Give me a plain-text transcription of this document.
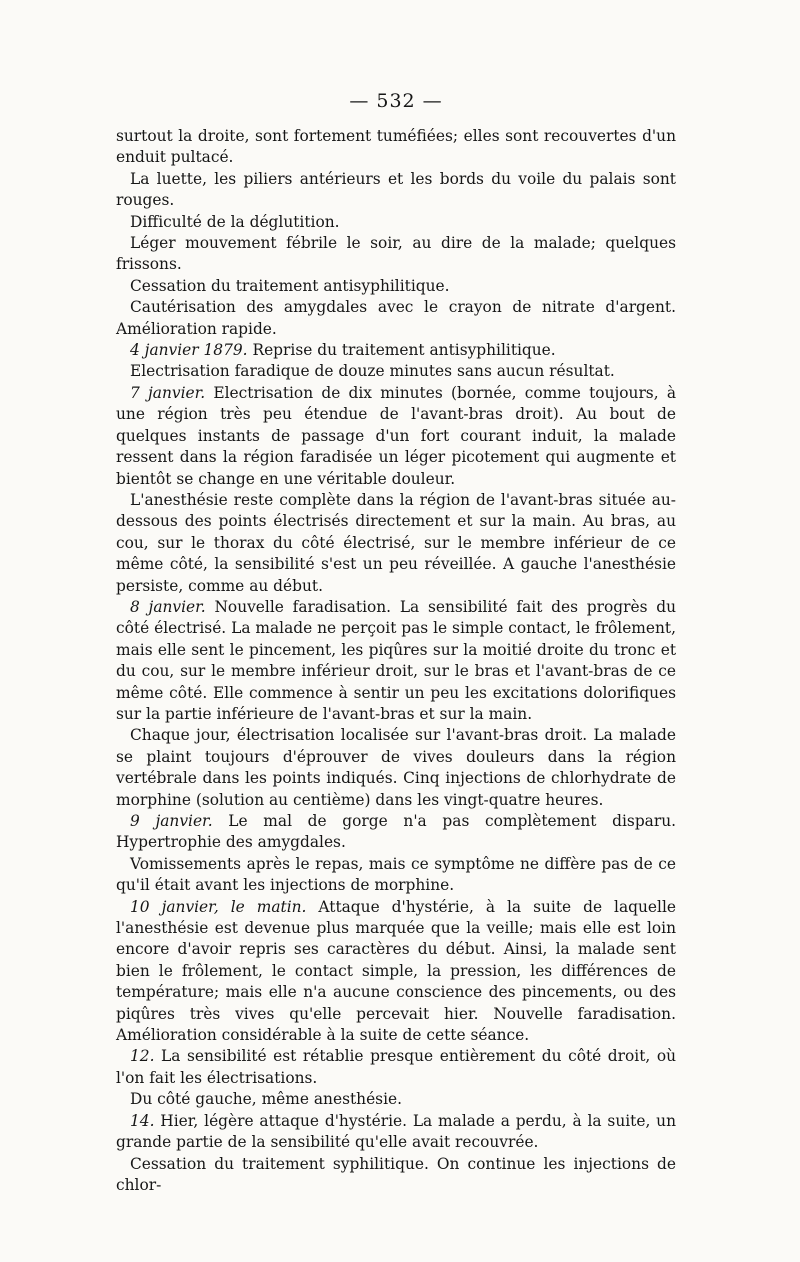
— 532 —

surtout la droite, sont fortement tuméfiées; elles sont recouvertes d'un enduit pultacé.

La luette, les piliers antérieurs et les bords du voile du palais sont rouges.

Difficulté de la déglutition.

Léger mouvement fébrile le soir, au dire de la malade; quelques frissons.

Cessation du traitement antisyphilitique.

Cautérisation des amygdales avec le crayon de nitrate d'argent. Amélioration rapide.

4 janvier 1879. Reprise du traitement antisyphilitique.

Electrisation faradique de douze minutes sans aucun résultat.

7 janvier. Electrisation de dix minutes (bornée, comme toujours, à une région très peu étendue de l'avant-bras droit). Au bout de quelques instants de passage d'un fort courant induit, la malade ressent dans la région faradisée un léger picotement qui augmente et bientôt se change en une véritable douleur.

L'anesthésie reste complète dans la région de l'avant-bras située au-dessous des points électrisés directement et sur la main. Au bras, au cou, sur le thorax du côté électrisé, sur le membre inférieur de ce même côté, la sensibilité s'est un peu réveillée. A gauche l'anesthésie persiste, comme au début.

8 janvier. Nouvelle faradisation. La sensibilité fait des progrès du côté électrisé. La malade ne perçoit pas le simple contact, le frôlement, mais elle sent le pincement, les piqûres sur la moitié droite du tronc et du cou, sur le membre inférieur droit, sur le bras et l'avant-bras de ce même côté. Elle commence à sentir un peu les excitations dolorifiques sur la partie inférieure de l'avant-bras et sur la main.

Chaque jour, électrisation localisée sur l'avant-bras droit. La malade se plaint toujours d'éprouver de vives douleurs dans la région vertébrale dans les points indiqués. Cinq injections de chlorhydrate de morphine (solution au centième) dans les vingt-quatre heures.

9 janvier. Le mal de gorge n'a pas complètement disparu. Hypertrophie des amygdales.

Vomissements après le repas, mais ce symptôme ne diffère pas de ce qu'il était avant les injections de morphine.

10 janvier, le matin. Attaque d'hystérie, à la suite de laquelle l'anesthésie est devenue plus marquée que la veille; mais elle est loin encore d'avoir repris ses caractères du début. Ainsi, la malade sent bien le frôlement, le contact simple, la pression, les différences de température; mais elle n'a aucune conscience des pincements, ou des piqûres très vives qu'elle percevait hier. Nouvelle faradisation. Amélioration considérable à la suite de cette séance.

12. La sensibilité est rétablie presque entièrement du côté droit, où l'on fait les électrisations.

Du côté gauche, même anesthésie.

14. Hier, légère attaque d'hystérie. La malade a perdu, à la suite, un grande partie de la sensibilité qu'elle avait recouvrée.

Cessation du traitement syphilitique. On continue les injections de chlor-
